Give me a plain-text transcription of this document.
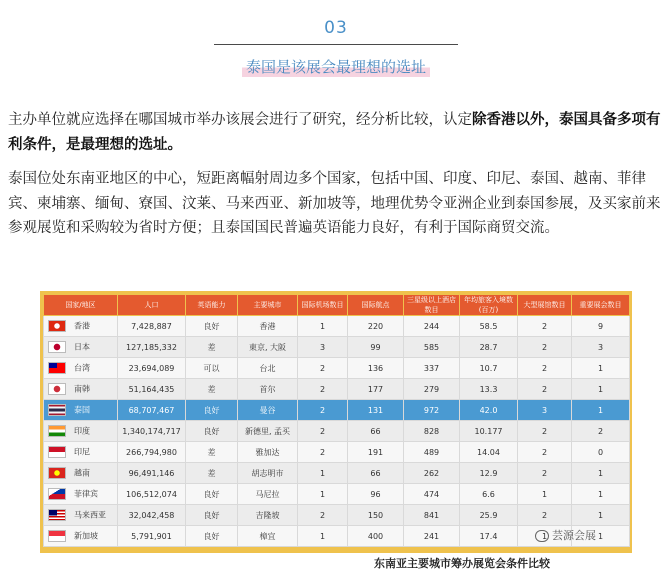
03
泰国是该展会最理想的选址
主办单位就应选择在哪国城市举办该展会进行了研究，经分析比较，认定除香港以外，泰国具备多项有利条件，是最理想的选址。
泰国位处东南亚地区的中心，短距离幅射周边多个国家，包括中国、印度、印尼、泰国、越南、菲律宾、柬埔寨、缅甸、寮国、汶莱、马来西亚、新加坡等，地理优势令亚洲企业到泰国参展，及买家前来参观展览和采购较为省时方便；且泰国国民普遍英语能力良好，有利于国际商贸交流。
国家/地区	人口	英语能力	主要城市	国际机场数目	国际航点	三星级以上酒店数目	年均旅客入境数(百万)	大型展馆数目	重要展会数目
香港	7,428,887	良好	香港	1	220	244	58.5	2	9
日本	127,185,332	差	東京, 大阪	3	99	585	28.7	2	3
台湾	23,694,089	可以	台北	2	136	337	10.7	2	1
南韩	51,164,435	差	首尔	2	177	279	13.3	2	1
泰国	68,707,467	良好	曼谷	2	131	972	42.0	3	1
印度	1,340,174,717	良好	新德里, 孟买	2	66	828	10.177	2	2
印尼	266,794,980	差	雅加达	2	191	489	14.04	2	0
越南	96,491,146	差	胡志明市	1	66	262	12.9	2	1
菲律宾	106,512,074	良好	马尼拉	1	96	474	6.6	1	1
马来西亚	32,042,458	良好	吉隆坡	2	150	841	25.9	2	1
新加坡	5,791,901	良好	樟宜	1	400	241	17.4	1	1
芸源会展
东南亚主要城市筹办展览会条件比较
